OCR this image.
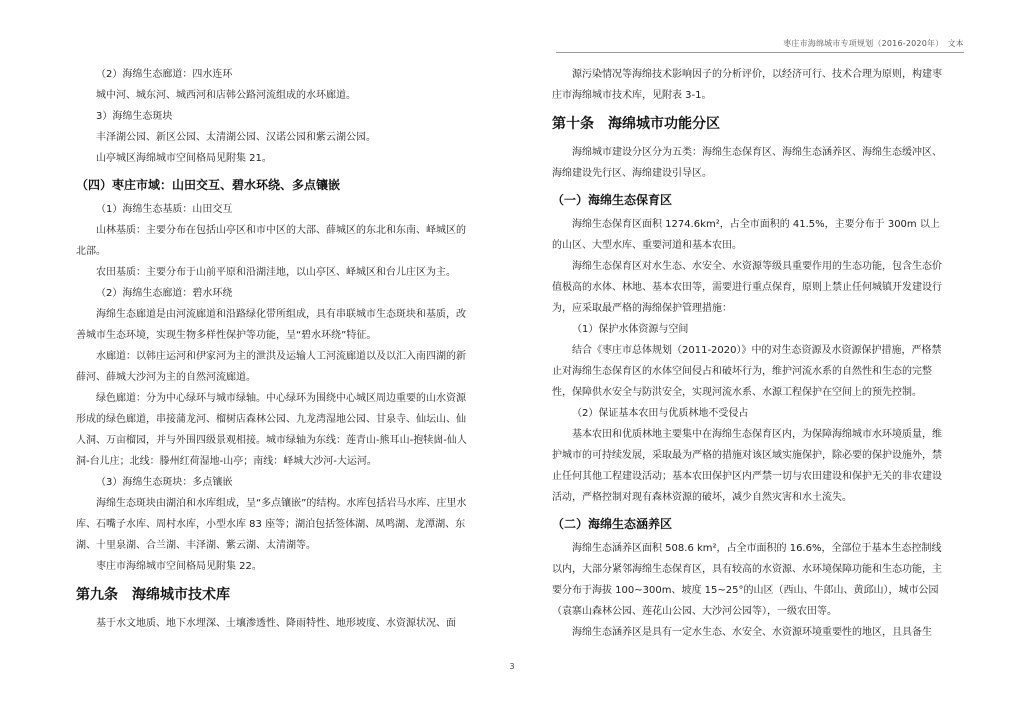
枣庄市海绵城市专项规划（2016-2020年）　文本
（2）海绵生态廊道：四水连环
城中河、城东河、城西河和店韩公路河流组成的水环廊道。
3）海绵生态斑块
丰泽湖公园、新区公园、太清湖公园、汉诺公园和紫云湖公园。
山亭城区海绵城市空间格局见附集 21。
（四）枣庄市域：山田交互、碧水环绕、多点镶嵌
（1）海绵生态基质：山田交互
山林基质：主要分布在包括山亭区和市中区的大部、薛城区的东北和东南、峄城区的北部。
农田基质：主要分布于山前平原和沿湖洼地，以山亭区、峄城区和台儿庄区为主。
（2）海绵生态廊道：碧水环绕
海绵生态廊道是由河流廊道和沿路绿化带所组成，具有串联城市生态斑块和基质，改善城市生态环境，实现生物多样性保护等功能，呈“碧水环绕”特征。
水廊道：以韩庄运河和伊家河为主的泄洪及运输人工河流廊道以及以汇入南四湖的新薛河、薛城大沙河为主的自然河流廊道。
绿色廊道：分为中心绿环与城市绿轴。中心绿环为围绕中心城区周边重要的山水资源形成的绿色廊道，串接蒲龙河、榴树店森林公园、九龙湾湿地公园、甘泉寺、仙坛山、仙人洞、万亩榴园，并与外围四级景观相接。城市绿轴为东线：莲青山-熊耳山-抱犊崮-仙人洞-台儿庄；北线：滕州红荷湿地-山亭；南线：峄城大沙河-大运河。
（3）海绵生态斑块：多点镶嵌
海绵生态斑块由湖泊和水库组成，呈“多点镶嵌”的结构。水库包括岩马水库、庄里水库、石嘴子水库、周村水库，小型水库 83 座等；湖泊包括签体湖、凤鸣湖、龙潭湖、东湖、十里泉湖、合兰湖、丰泽湖、紫云湖、太清湖等。
枣庄市海绵城市空间格局见附集 22。
第九条　海绵城市技术库
基于水文地质、地下水埋深、土壤渗透性、降雨特性、地形坡度、水资源状况、面
源污染情况等海绵技术影响因子的分析评价，以经济可行、技术合理为原则，构建枣庄市海绵城市技术库，见附表 3-1。
第十条　海绵城市功能分区
海绵城市建设分区分为五类：海绵生态保育区、海绵生态涵养区、海绵生态缓冲区、海绵建设先行区、海绵建设引导区。
（一）海绵生态保育区
海绵生态保育区面积 1274.6km²，占全市面积的 41.5%，主要分布于 300m 以上的山区、大型水库、重要河道和基本农田。
海绵生态保育区对水生态、水安全、水资源等级具重要作用的生态功能，包含生态价值极高的水体、林地、基本农田等，需要进行重点保育，原则上禁止任何城镇开发建设行为，应采取最严格的海绵保护管理措施：
（1）保护水体资源与空间
结合《枣庄市总体规划（2011-2020）》中的对生态资源及水资源保护措施，严格禁止对海绵生态保育区的水体空间侵占和破坏行为，维护河流水系的自然性和生态的完整性，保障供水安全与防洪安全，实现河流水系、水源工程保护在空间上的预先控制。
（2）保证基本农田与优质林地不受侵占
基本农田和优质林地主要集中在海绵生态保育区内，为保障海绵城市水环境质量，维护城市的可持续发展，采取最为严格的措施对该区域实施保护，除必要的保护设施外，禁止任何其他工程建设活动；基本农田保护区内严禁一切与农田建设和保护无关的非农建设活动，严格控制对现有森林资源的破坏，减少自然灾害和水土流失。
（二）海绵生态涵养区
海绵生态涵养区面积 508.6 km²，占全市面积的 16.6%，全部位于基本生态控制线以内，大部分紧邻海绵生态保育区，具有较高的水资源、水环境保障功能和生态功能，主要分布于海拔 100~300m、坡度 15~25°的山区（西山、牛郎山、黄邱山），城市公园（袁寨山森林公园、莲花山公园、大沙河公园等），一级农田等。
海绵生态涵养区是具有一定水生态、水安全、水资源环境重要性的地区，且具备生
3
